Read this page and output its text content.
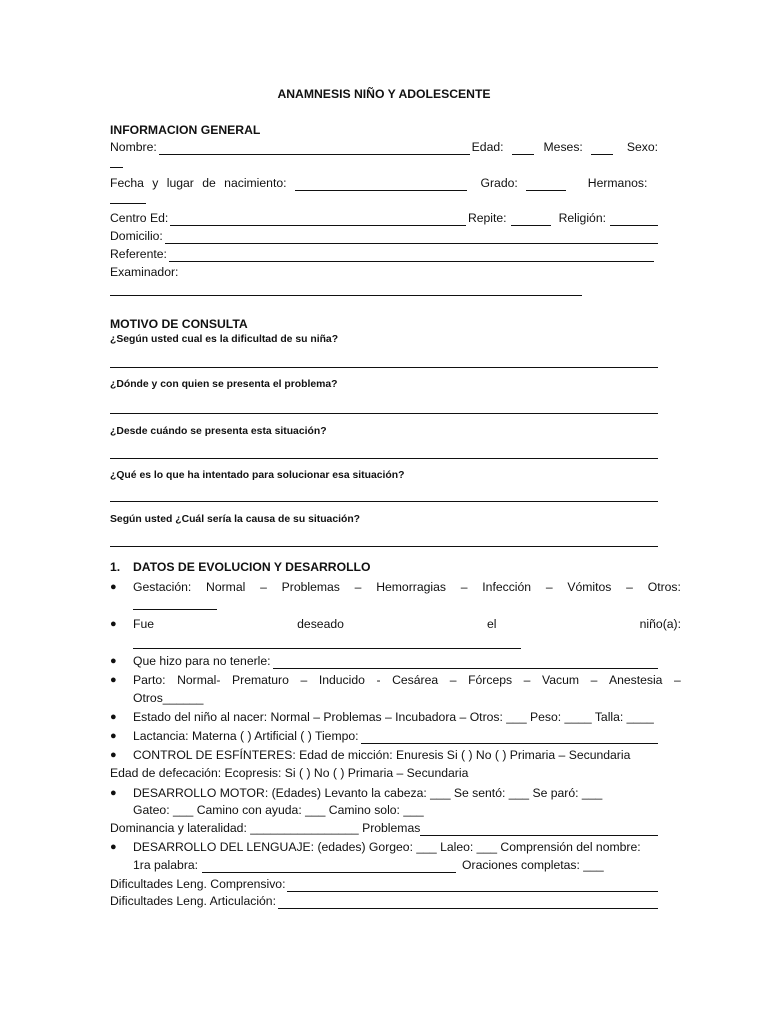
ANAMNESIS NIÑO Y ADOLESCENTE
INFORMACION GENERAL
Nombre:	Edad:	Meses:	Sexo:
Fecha y lugar de nacimiento:	Grado:	Hermanos:
Centro Ed:	Repite:	Religión:
Domicilio:
Referente:
Examinador:
MOTIVO DE CONSULTA
¿Según usted cual es la dificultad de su niña?
¿Dónde y con quien se presenta el problema?
¿Desde cuándo se presenta esta situación?
¿Qué es lo que ha intentado para solucionar esa situación?
Según usted ¿Cuál sería la causa de su situación?
1. DATOS DE EVOLUCION Y DESARROLLO
● Gestación: Normal – Problemas – Hemorragias – Infección – Vómitos – Otros:
● Fue	deseado	el	niño(a):
● Que hizo para no tenerle:
● Parto: Normal- Prematuro – Inducido - Cesárea – Fórceps – Vacum – Anestesia –
Otros______
● Estado del niño al nacer: Normal – Problemas – Incubadora – Otros: ___ Peso: ____ Talla: ____
● Lactancia: Materna ( ) Artificial ( ) Tiempo:
● CONTROL DE ESFÍNTERES: Edad de micción: Enuresis Si ( ) No ( ) Primaria – Secundaria
Edad de defecación: Ecopresis: Si ( ) No ( ) Primaria – Secundaria
● DESARROLLO MOTOR: (Edades) Levanto la cabeza: ___ Se sentó: ___ Se paró: ___
Gateo: ___ Camino con ayuda: ___ Camino solo: ___
Dominancia y lateralidad: ________________ Problemas
● DESARROLLO DEL LENGUAJE: (edades) Gorgeo: ___ Laleo: ___ Comprensión del nombre:
1ra palabra:	Oraciones completas: ___
Dificultades Leng. Comprensivo:
Dificultades Leng. Articulación:
